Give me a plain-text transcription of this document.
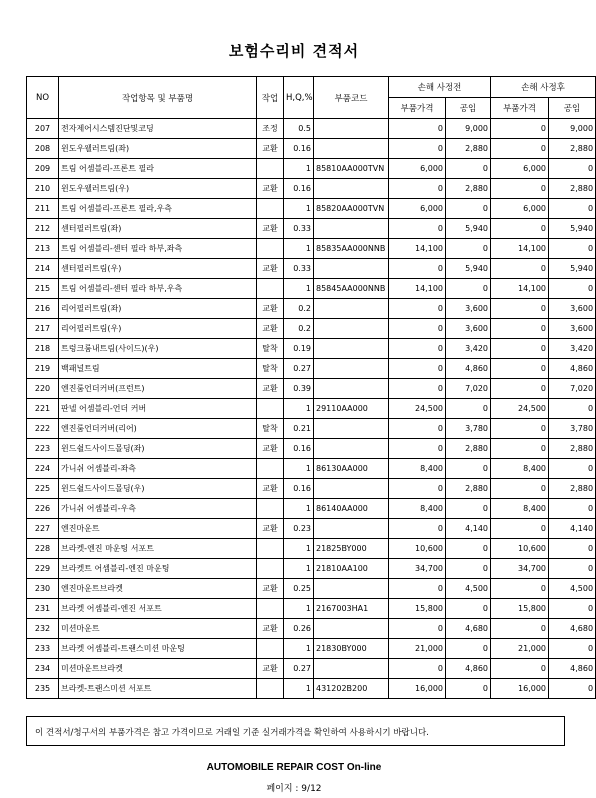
보험수리비 견적서
NO	작업항목 및 부품명	작업	H,Q,%	부품코드	손해 사정전		손해 사정후	
					부품가격	공임	부품가격	공임
207	전자제어시스템진단및코딩	조정	0.5		0	9,000	0	9,000
208	윈도우웰러트림(좌)	교환	0.16		0	2,880	0	2,880
209	트림 어셈블리-프론트 필라		1	85810AA000TVN	6,000	0	6,000	0
210	윈도우웰러트림(우)	교환	0.16		0	2,880	0	2,880
211	트림 어셈블리-프론트 필라,우측		1	85820AA000TVN	6,000	0	6,000	0
212	센터필러트림(좌)	교환	0.33		0	5,940	0	5,940
213	트림 어셈블리-센터 필라 하부,좌측		1	85835AA000NNB	14,100	0	14,100	0
214	센터필러트림(우)	교환	0.33		0	5,940	0	5,940
215	트림 어셈블리-센터 필라 하부,우측		1	85845AA000NNB	14,100	0	14,100	0
216	리어필러트림(좌)	교환	0.2		0	3,600	0	3,600
217	리어필러트림(우)	교환	0.2		0	3,600	0	3,600
218	트렁크룸내트림(사이드)(우)	탈착	0.19		0	3,420	0	3,420
219	백패널트림	탈착	0.27		0	4,860	0	4,860
220	엔진룸언더커버(프런트)	교환	0.39		0	7,020	0	7,020
221	판넬 어셈블리-언더 커버		1	29110AA000	24,500	0	24,500	0
222	엔진룸언더커버(리어)	탈착	0.21		0	3,780	0	3,780
223	윈드쉴드사이드몰딩(좌)	교환	0.16		0	2,880	0	2,880
224	가니쉬 어셈블리-좌측		1	86130AA000	8,400	0	8,400	0
225	윈드쉴드사이드몰딩(우)	교환	0.16		0	2,880	0	2,880
226	가니쉬 어셈블리-우측		1	86140AA000	8,400	0	8,400	0
227	엔진마운트	교환	0.23		0	4,140	0	4,140
228	브라켓-엔진 마운팅 서포트		1	21825BY000	10,600	0	10,600	0
229	브라켓트 어셈블리-엔진 마운팅		1	21810AA100	34,700	0	34,700	0
230	엔진마운트브라켓	교환	0.25		0	4,500	0	4,500
231	브라켓 어셈블리-엔진 서포트		1	2167003HA1	15,800	0	15,800	0
232	미션마운트	교환	0.26		0	4,680	0	4,680
233	브라켓 어셈블리-트랜스미션 마운팅		1	21830BY000	21,000	0	21,000	0
234	미션마운트브라켓	교환	0.27		0	4,860	0	4,860
235	브라켓-트랜스미션 서포트		1	431202B200	16,000	0	16,000	0
이 견적서/청구서의 부품가격은 참고 가격이므로 거래일 기준 실거래가격을 확인하여 사용하시기 바랍니다.
AUTOMOBILE REPAIR COST On-line
페이지 : 9/12
